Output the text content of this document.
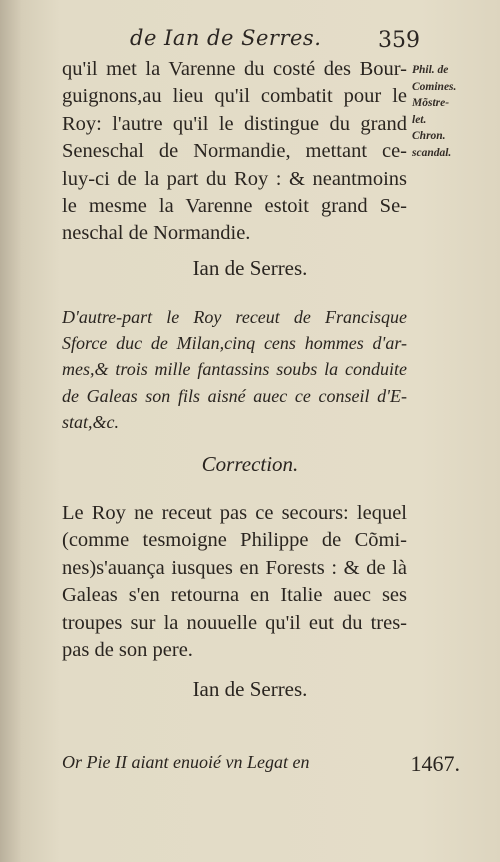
de Ian de Serres.	359
qu'il met la Varenne du costé des Bour-
guignons,au lieu qu'il combatit pour le
Roy: l'autre qu'il le distingue du grand
Seneschal de Normandie, mettant ce-
luy-ci de la part du Roy : & neantmoins
le mesme la Varenne estoit grand Se-
neschal de Normandie.
Phil. de
Comines.
Mõstre-
let.
Chron.
scandal.
Ian de Serres.
D'autre-part le Roy receut de Francisque
Sforce duc de Milan,cinq cens hommes d'ar-
mes,& trois mille fantassins soubs la conduite
de Galeas son fils aisné auec ce conseil d'E-
stat,&c.
Correction.
Le Roy ne receut pas ce secours: lequel
(comme tesmoigne Philippe de Cõmi-
nes)s'auança iusques en Forests : & de là
Galeas s'en retourna en Italie auec ses
troupes sur la nouuelle qu'il eut du tres-
pas de son pere.
Ian de Serres.
Or Pie II aiant enuoié vn Legat en	1467.
